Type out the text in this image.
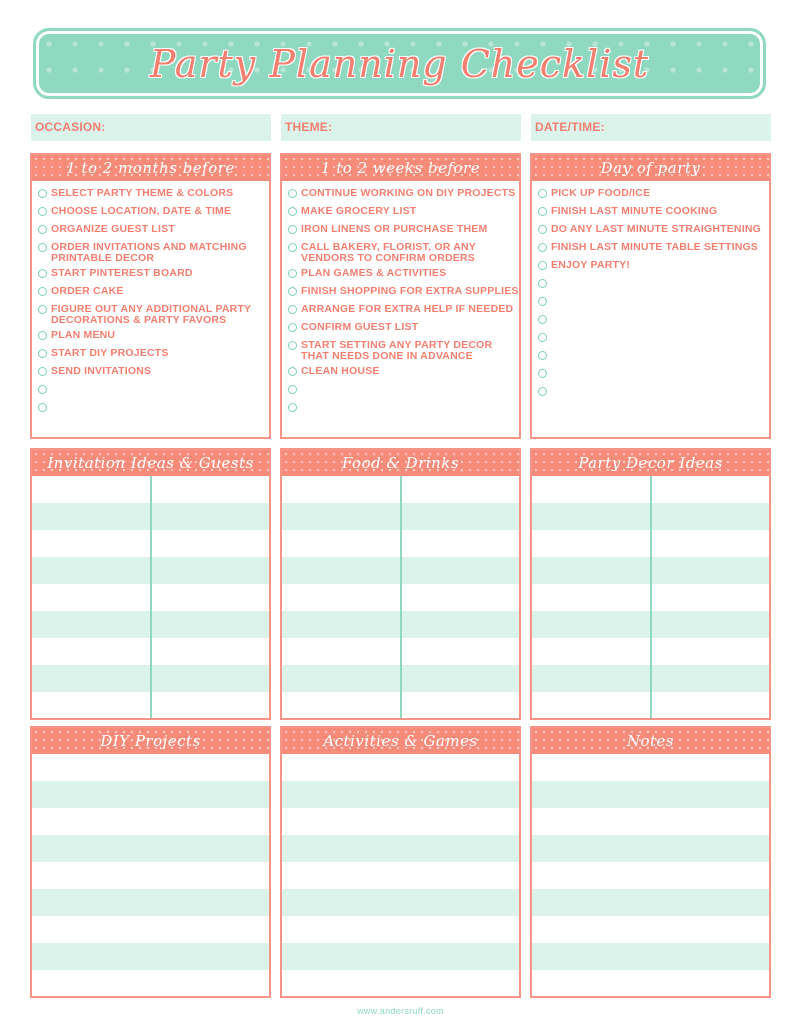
Party Planning Checklist
OCCASION:	THEME:	DATE/TIME:
1 to 2 months before
SELECT PARTY THEME & COLORS
CHOOSE LOCATION, DATE & TIME
ORGANIZE GUEST LIST
ORDER INVITATIONS AND MATCHING PRINTABLE DECOR
START PINTEREST BOARD
ORDER CAKE
FIGURE OUT ANY ADDITIONAL PARTY DECORATIONS & PARTY FAVORS
PLAN MENU
START DIY PROJECTS
SEND INVITATIONS
1 to 2 weeks before
CONTINUE WORKING ON DIY PROJECTS
MAKE GROCERY LIST
IRON LINENS OR PURCHASE THEM
CALL BAKERY, FLORIST, OR ANY VENDORS TO CONFIRM ORDERS
PLAN GAMES & ACTIVITIES
FINISH SHOPPING FOR EXTRA SUPPLIES
ARRANGE FOR EXTRA HELP IF NEEDED
CONFIRM GUEST LIST
START SETTING ANY PARTY DECOR THAT NEEDS DONE IN ADVANCE
CLEAN HOUSE
Day of party
PICK UP FOOD/ICE
FINISH LAST MINUTE COOKING
DO ANY LAST MINUTE STRAIGHTENING
FINISH LAST MINUTE TABLE SETTINGS
ENJOY PARTY!
Invitation Ideas & Guests	Food & Drinks	Party Decor Ideas
DIY Projects	Activities & Games	Notes
www.andersruff.com
